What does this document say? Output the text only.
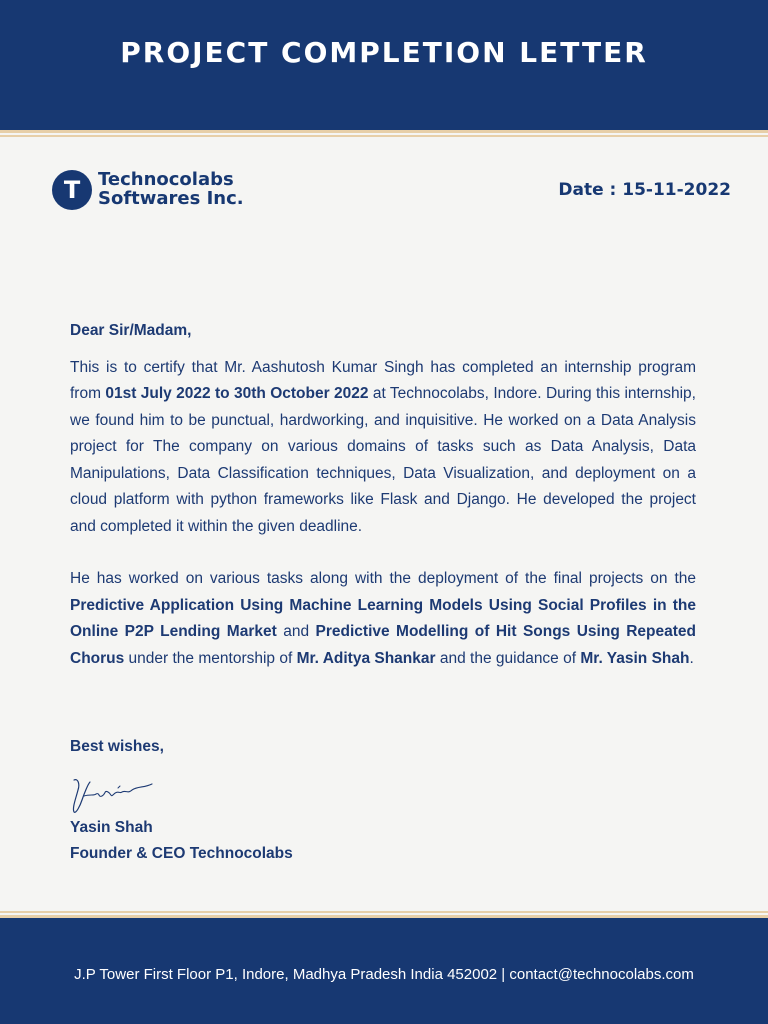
PROJECT COMPLETION LETTER
T Technocolabs
Softwares Inc.	Date : 15-11-2022

Dear Sir/Madam,

This is to certify that Mr. Aashutosh Kumar Singh has completed an internship program from 01st July 2022 to 30th October 2022 at Technocolabs, Indore. During this internship, we found him to be punctual, hardworking, and inquisitive. He worked on a Data Analysis project for The company on various domains of tasks such as Data Analysis, Data Manipulations, Data Classification techniques, Data Visualization, and deployment on a cloud platform with python frameworks like Flask and Django. He developed the project and completed it within the given deadline.

He has worked on various tasks along with the deployment of the final projects on the Predictive Application Using Machine Learning Models Using Social Profiles in the Online P2P Lending Market and Predictive Modelling of Hit Songs Using Repeated Chorus under the mentorship of Mr. Aditya Shankar and the guidance of Mr. Yasin Shah.

Best wishes,
Yasin
Yasin Shah
Founder & CEO Technocolabs
J.P Tower First Floor P1, Indore, Madhya Pradesh India 452002 | contact@technocolabs.com
